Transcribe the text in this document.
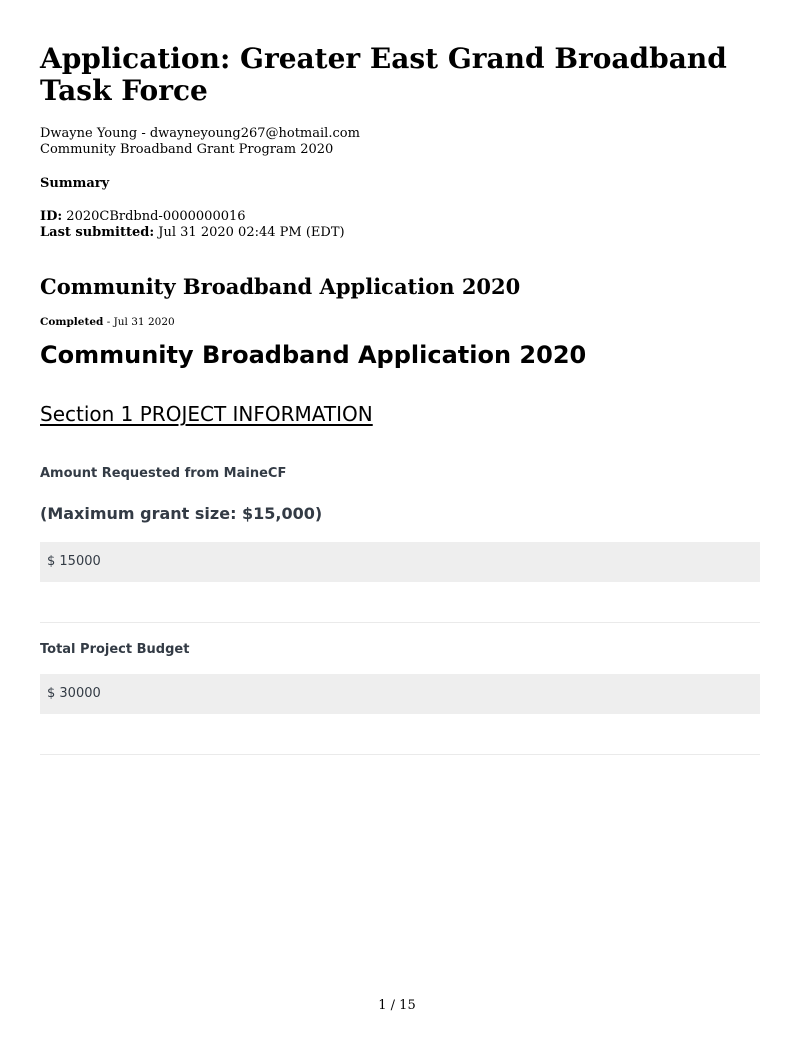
Application: Greater East Grand Broadband Task Force
Dwayne Young - dwayneyoung267@hotmail.com
Community Broadband Grant Program 2020
Summary
ID: 2020CBrdbnd-0000000016
Last submitted: Jul 31 2020 02:44 PM (EDT)
Community Broadband Application 2020
Completed - Jul 31 2020
Community Broadband Application 2020
Section 1 PROJECT INFORMATION
Amount Requested from MaineCF
(Maximum grant size: $15,000)
$ 15000
Total Project Budget
$ 30000
1 / 15
